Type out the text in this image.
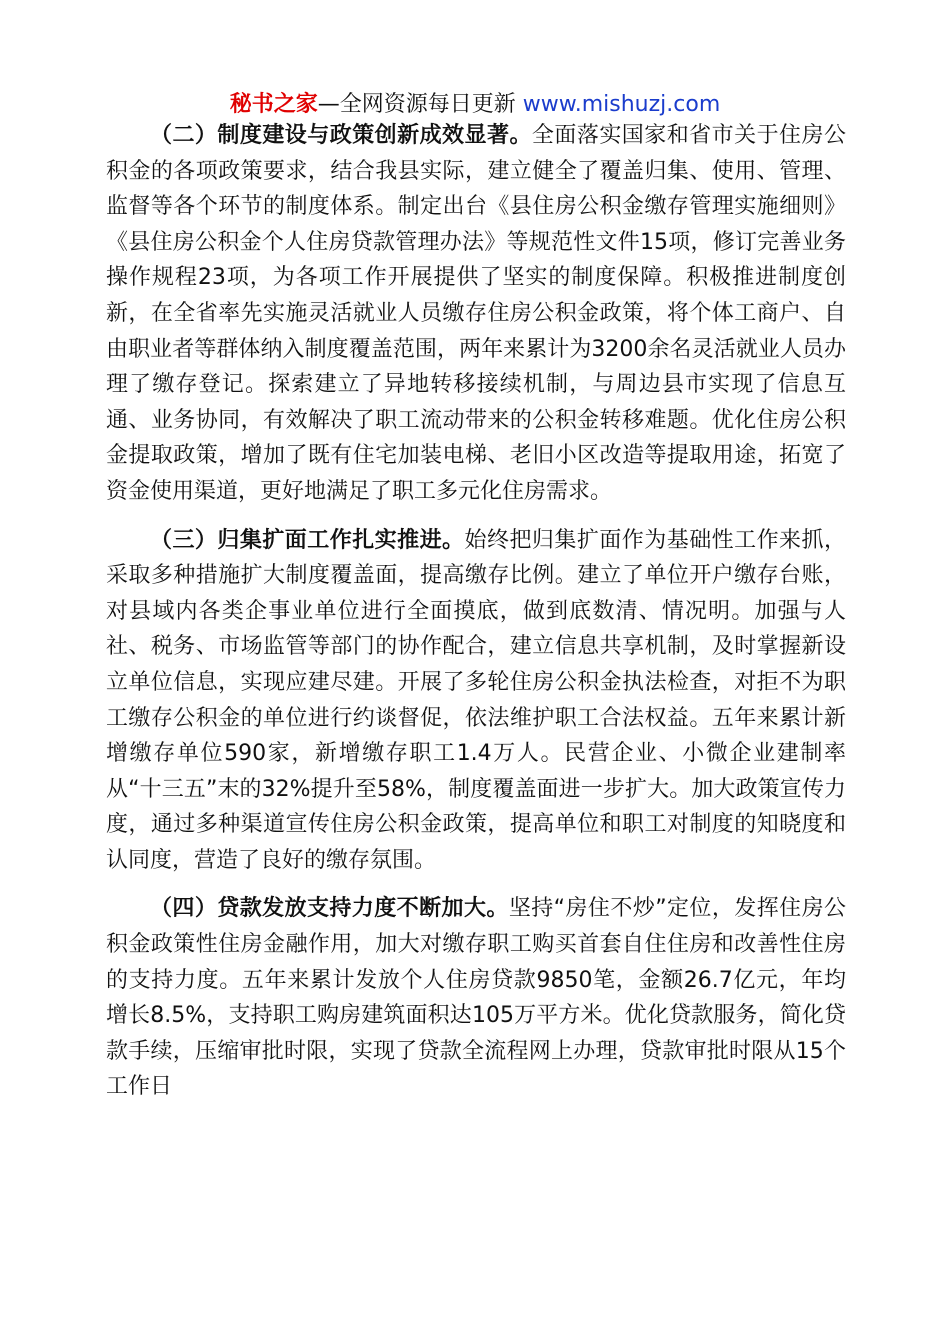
秘书之家—全网资源每日更新 www.mishuzj.com

（二）制度建设与政策创新成效显著。全面落实国家和省市关于住房公积金的各项政策要求，结合我县实际，建立健全了覆盖归集、使用、管理、监督等各个环节的制度体系。制定出台《县住房公积金缴存管理实施细则》《县住房公积金个人住房贷款管理办法》等规范性文件15项，修订完善业务操作规程23项，为各项工作开展提供了坚实的制度保障。积极推进制度创新，在全省率先实施灵活就业人员缴存住房公积金政策，将个体工商户、自由职业者等群体纳入制度覆盖范围，两年来累计为3200余名灵活就业人员办理了缴存登记。探索建立了异地转移接续机制，与周边县市实现了信息互通、业务协同，有效解决了职工流动带来的公积金转移难题。优化住房公积金提取政策，增加了既有住宅加装电梯、老旧小区改造等提取用途，拓宽了资金使用渠道，更好地满足了职工多元化住房需求。

（三）归集扩面工作扎实推进。始终把归集扩面作为基础性工作来抓，采取多种措施扩大制度覆盖面，提高缴存比例。建立了单位开户缴存台账，对县域内各类企事业单位进行全面摸底，做到底数清、情况明。加强与人社、税务、市场监管等部门的协作配合，建立信息共享机制，及时掌握新设立单位信息，实现应建尽建。开展了多轮住房公积金执法检查，对拒不为职工缴存公积金的单位进行约谈督促，依法维护职工合法权益。五年来累计新增缴存单位590家，新增缴存职工1.4万人。民营企业、小微企业建制率从“十三五”末的32%提升至58%，制度覆盖面进一步扩大。加大政策宣传力度，通过多种渠道宣传住房公积金政策，提高单位和职工对制度的知晓度和认同度，营造了良好的缴存氛围。

（四）贷款发放支持力度不断加大。坚持“房住不炒”定位，发挥住房公积金政策性住房金融作用，加大对缴存职工购买首套自住住房和改善性住房的支持力度。五年来累计发放个人住房贷款9850笔，金额26.7亿元，年均增长8.5%，支持职工购房建筑面积达105万平方米。优化贷款服务，简化贷款手续，压缩审批时限，实现了贷款全流程网上办理，贷款审批时限从15个工作日
